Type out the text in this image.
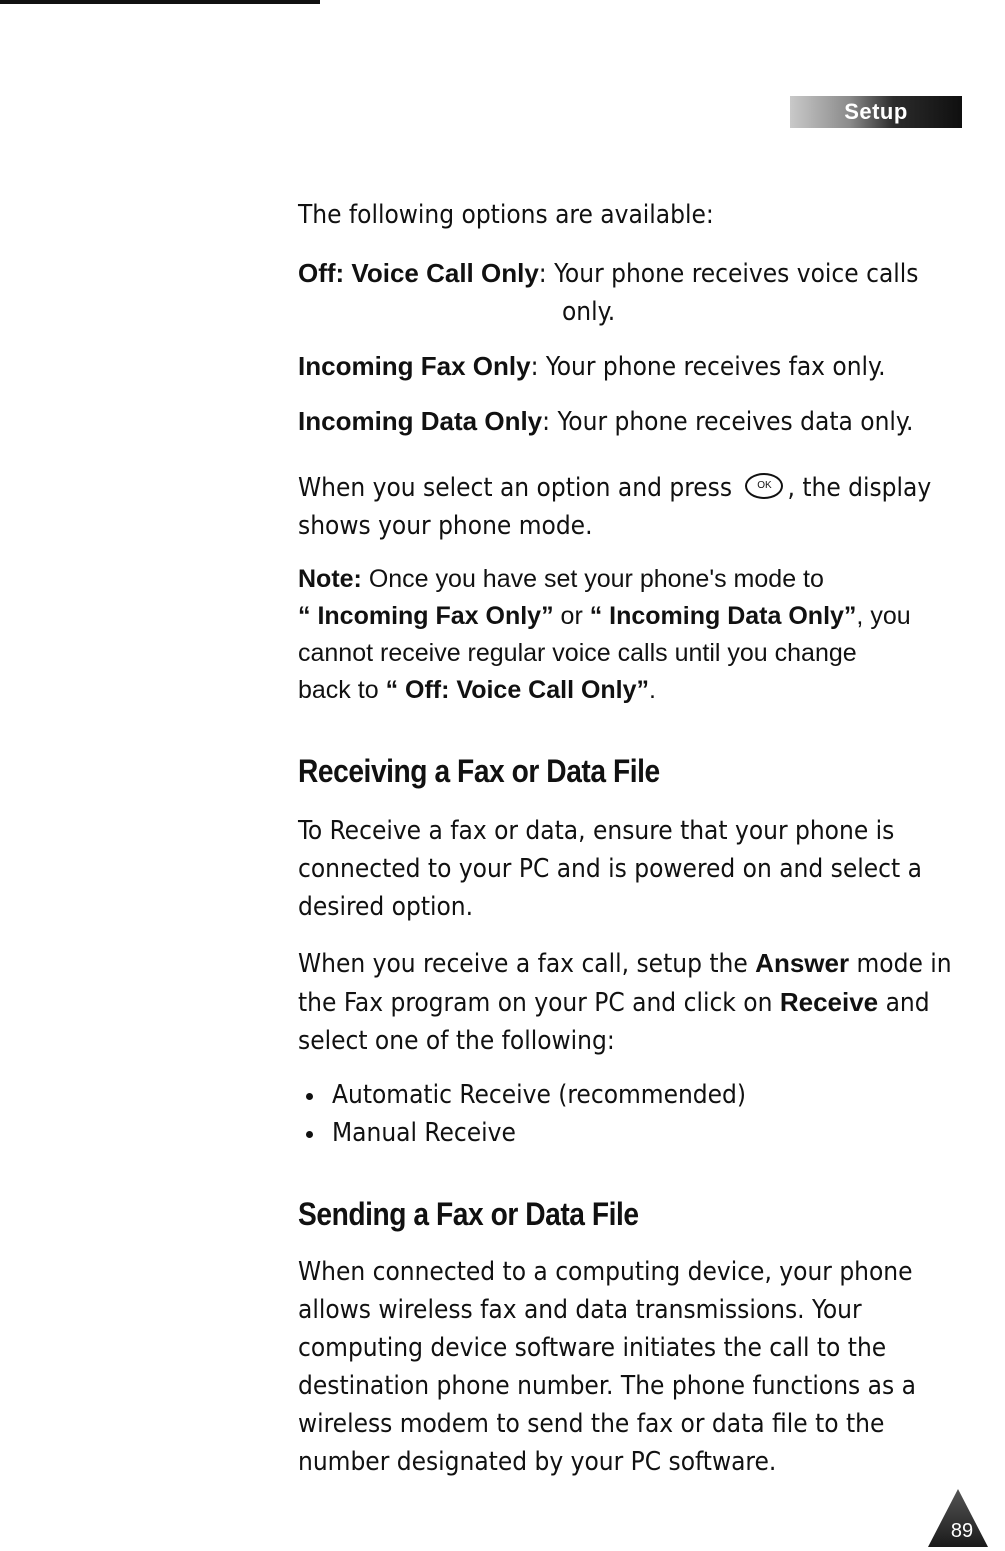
Setup

The following options are available:

Off: Voice Call Only: Your phone receives voice calls

only.

Incoming Fax Only: Your phone receives fax only.

Incoming Data Only: Your phone receives data only.

When you select an option and press OK , the display

shows your phone mode.

Note: Once you have set your phone's mode to

“ Incoming Fax Only” or “ Incoming Data Only”, you

cannot receive regular voice calls until you change

back to “ Off: Voice Call Only”.

Receiving a Fax or Data File

To Receive a fax or data, ensure that your phone is

connected to your PC and is powered on and select a

desired option.

When you receive a fax call, setup the Answer mode in

the Fax program on your PC and click on Receive and

select one of the following:

Automatic Receive (recommended)
Manual Receive
Sending a Fax or Data File

When connected to a computing device, your phone

allows wireless fax and data transmissions. Your

computing device software initiates the call to the

destination phone number. The phone functions as a

wireless modem to send the fax or data file to the

number designated by your PC software.

89
